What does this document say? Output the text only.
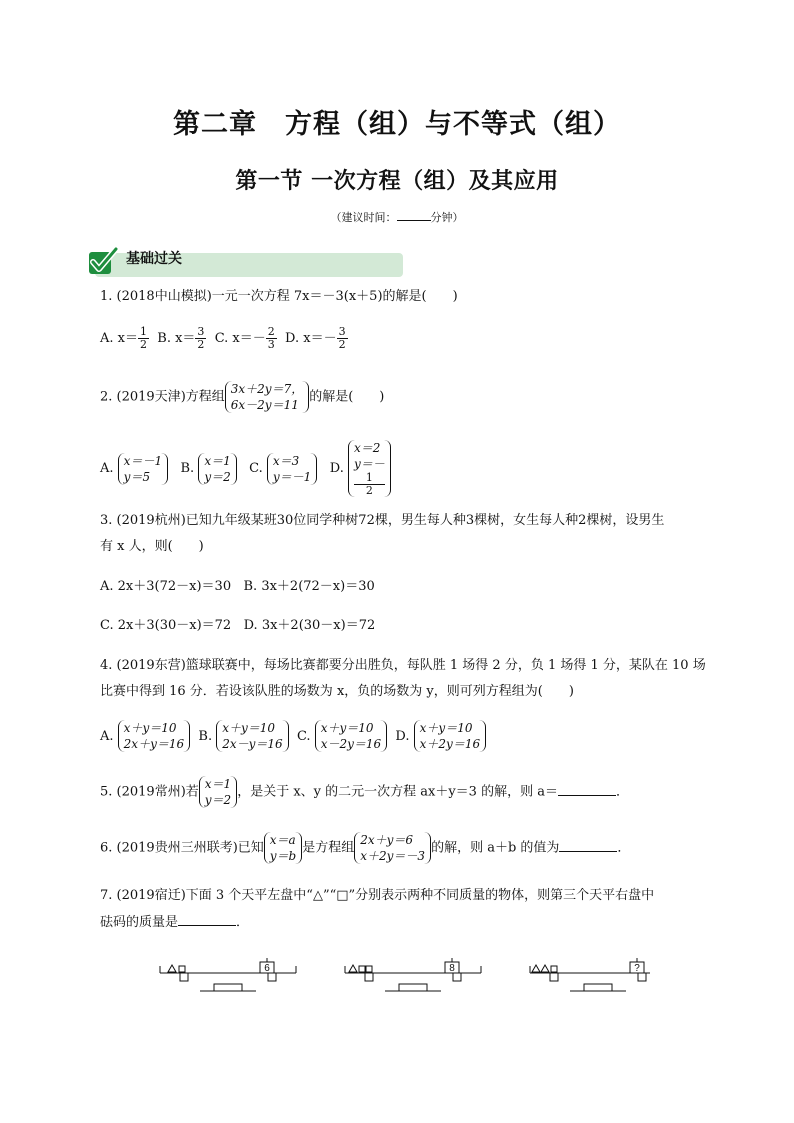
第二章　方程（组）与不等式（组）
第一节 一次方程（组）及其应用
（建议时间：	分钟）
基础过关
1. (2018中山模拟)一元一次方程 7x＝－3(x＋5)的解是(　　)
A. $x= \frac{1}{2} B$. $x= \frac{3}{2} C$. $x=- \frac{2}{3} D$. $x=- \frac{3}{2}$
2. (2019天津)方程组
3x＋2y＝7，
6x－2y＝11
的解是(　　)
A.
x＝－1
y＝5
B.
x＝1
y＝2
C.
x＝3
y＝－1
D.
x＝2
y＝－
1
2
3. (2019杭州)已知九年级某班30位同学种树72棵，男生每人种3棵树，女生每人种2棵树，设男生
有 x 人，则(　　)
A. 2x＋3(72－x)＝30 B. 3x＋2(72－x)＝30
C. 2x＋3(30－x)＝72 D. 3x＋2(30－x)＝72
4. (2019东营)篮球联赛中，每场比赛都要分出胜负，每队胜 1 场得 2 分，负 1 场得 1 分，某队在 10 场
比赛中得到 16 分．若设该队胜的场数为 x，负的场数为 y，则可列方程组为(　　)
A.
x＋y＝10
2x＋y＝16
B.
x＋y＝10
2x－y＝16
C.
x＋y＝10
x－2y＝16
D.
x＋y＝10
x＋2y＝16
5. (2019常州)若
x＝1
y＝2
，是关于 x、y 的二元一次方程 ax＋y＝3 的解，则 a＝	．
6. (2019贵州三州联考)已知
x＝a
y＝b
是方程组
2x＋y＝6
x＋2y＝－3
的解，则 a＋b 的值为	．
7. (2019宿迁)下面 3 个天平左盘中“△”“□”分别表示两种不同质量的物体，则第三个天平右盘中
砝码的质量是	．
6	8	?
